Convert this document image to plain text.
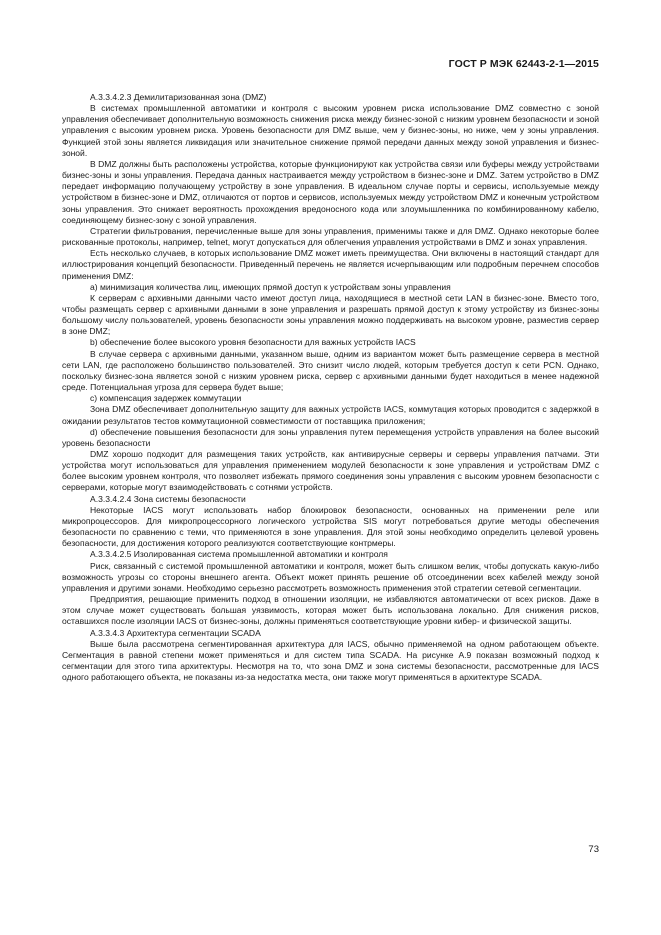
ГОСТ Р МЭК 62443-2-1—2015

А.3.3.4.2.3 Демилитаризованная зона (DMZ)

В системах промышленной автоматики и контроля с высоким уровнем риска использование DMZ совместно с зоной управления обеспечивает дополнительную возможность снижения риска между бизнес-зоной с низким уровнем безопасности и зоной управления с высоким уровнем риска. Уровень безопасности для DMZ выше, чем у бизнес-зоны, но ниже, чем у зоны управления. Функцией этой зоны является ликвидация или значительное снижение прямой передачи данных между зоной управления и бизнес-зоной.

В DMZ должны быть расположены устройства, которые функционируют как устройства связи или буферы между устройствами бизнес-зоны и зоны управления. Передача данных настраивается между устройством в бизнес-зоне и DMZ. Затем устройство в DMZ передает информацию получающему устройству в зоне управления. В идеальном случае порты и сервисы, используемые между устройством в бизнес-зоне и DMZ, отличаются от портов и сервисов, используемых между устройством DMZ и конечным устройством зоны управления. Это снижает вероятность прохождения вредоносного кода или злоумышленника по комбинированному кабелю, соединяющему бизнес-зону с зоной управления.

Стратегии фильтрования, перечисленные выше для зоны управления, применимы также и для DMZ. Однако некоторые более рискованные протоколы, например, telnet, могут допускаться для облегчения управления устройствами в DMZ и зонах управления.

Есть несколько случаев, в которых использование DMZ может иметь преимущества. Они включены в настоящий стандарт для иллюстрирования концепций безопасности. Приведенный перечень не является исчерпывающим или подробным перечнем способов применения DMZ:

а) минимизация количества лиц, имеющих прямой доступ к устройствам зоны управления

К серверам с архивными данными часто имеют доступ лица, находящиеся в местной сети LAN в бизнес-зоне. Вместо того, чтобы размещать сервер с архивными данными в зоне управления и разрешать прямой доступ к этому устройству из бизнес-зоны большому числу пользователей, уровень безопасности зоны управления можно поддерживать на высоком уровне, разместив сервер в зоне DMZ;

b) обеспечение более высокого уровня безопасности для важных устройств IACS

В случае сервера с архивными данными, указанном выше, одним из вариантом может быть размещение сервера в местной сети LAN, где расположено большинство пользователей. Это снизит число людей, которым требуется доступ к сети PCN. Однако, поскольку бизнес-зона является зоной с низким уровнем риска, сервер с архивными данными будет находиться в менее надежной среде. Потенциальная угроза для сервера будет выше;

с) компенсация задержек коммутации

Зона DMZ обеспечивает дополнительную защиту для важных устройств IACS, коммутация которых проводится с задержкой в ожидании результатов тестов коммутационной совместимости от поставщика приложения;

d) обеспечение повышения безопасности для зоны управления путем перемещения устройств управления на более высокий уровень безопасности

DMZ хорошо подходит для размещения таких устройств, как антивирусные серверы и серверы управления патчами. Эти устройства могут использоваться для управления применением модулей безопасности к зоне управления и устройствам DMZ с более высоким уровнем контроля, что позволяет избежать прямого соединения зоны управления с высоким уровнем безопасности с серверами, которые могут взаимодействовать с сотнями устройств.

А.3.3.4.2.4 Зона системы безопасности

Некоторые IACS могут использовать набор блокировок безопасности, основанных на применении реле или микропроцессоров. Для микропроцессорного логического устройства SIS могут потребоваться другие методы обеспечения безопасности по сравнению с теми, что применяются в зоне управления. Для этой зоны необходимо определить целевой уровень безопасности, для достижения которого реализуются соответствующие контрмеры.

А.3.3.4.2.5 Изолированная система промышленной автоматики и контроля

Риск, связанный с системой промышленной автоматики и контроля, может быть слишком велик, чтобы допускать какую-либо возможность угрозы со стороны внешнего агента. Объект может принять решение об отсоединении всех кабелей между зоной управления и другими зонами. Необходимо серьезно рассмотреть возможность применения этой стратегии сетевой сегментации.

Предприятия, решающие применить подход в отношении изоляции, не избавляются автоматически от всех рисков. Даже в этом случае может существовать большая уязвимость, которая может быть использована локально. Для снижения рисков, оставшихся после изоляции IACS от бизнес-зоны, должны применяться соответствующие уровни кибер- и физической защиты.

А.3.3.4.3 Архитектура сегментации SCADA

Выше была рассмотрена сегментированная архитектура для IACS, обычно применяемой на одном работающем объекте. Сегментация в равной степени может применяться и для систем типа SCADA. На рисунке А.9 показан возможный подход к сегментации для этого типа архитектуры. Несмотря на то, что зона DMZ и зона системы безопасности, рассмотренные для IACS одного работающего объекта, не показаны из-за недостатка места, они также могут применяться в архитектуре SCADA.

73
